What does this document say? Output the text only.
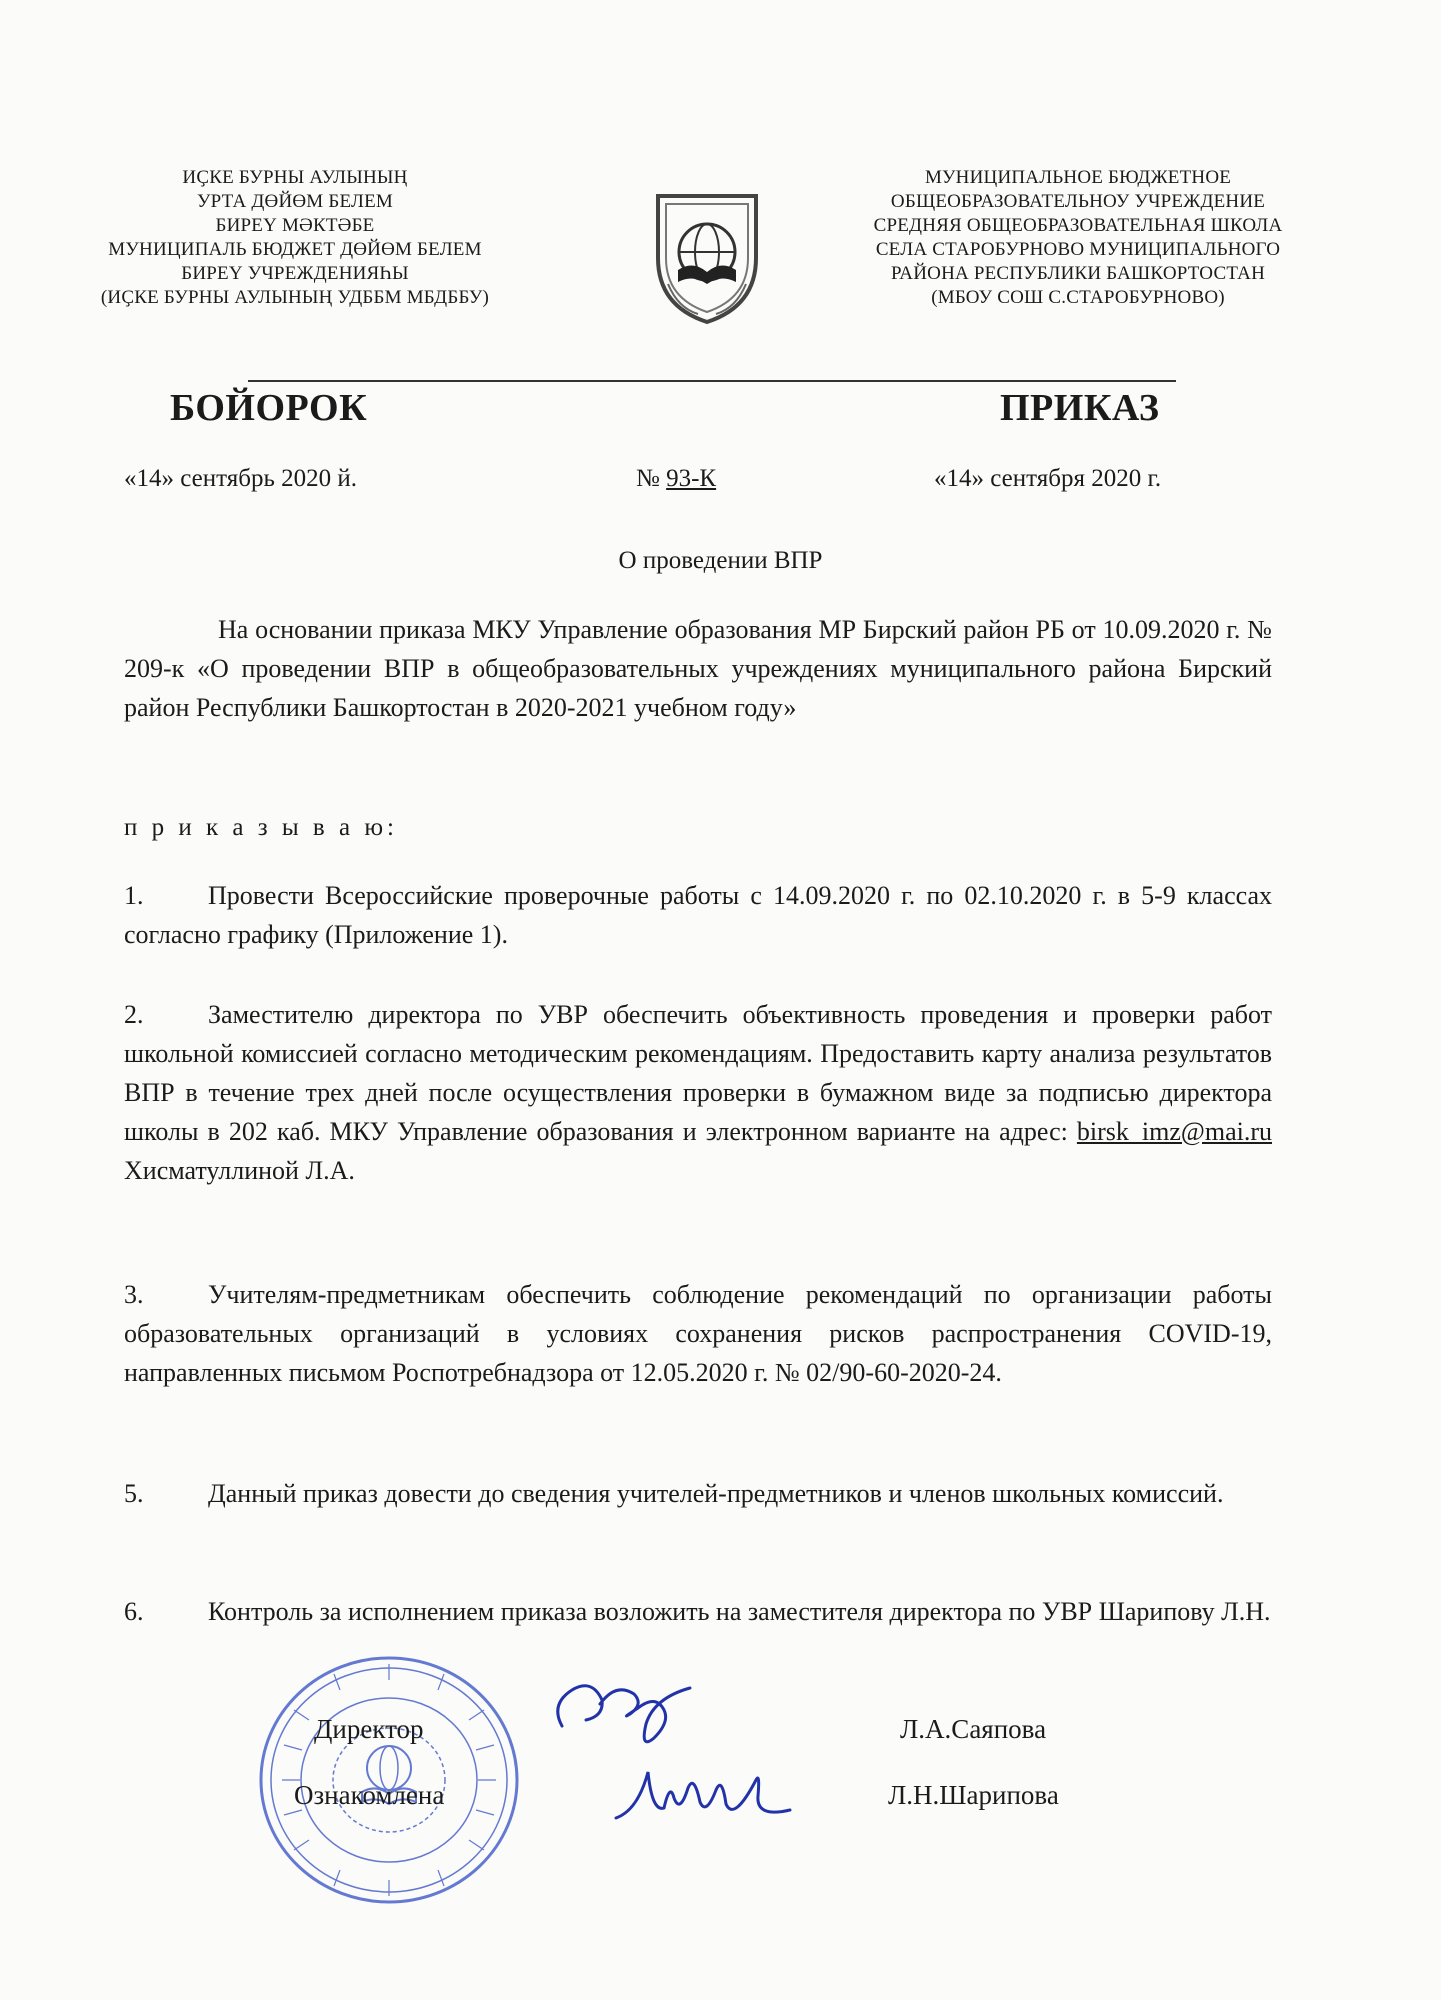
ИҪКЕ БУРНЫ АУЛЫНЫҢ
УРТА ДӨЙӨМ БЕЛЕМ
БИРЕҮ МӘКТӘБЕ
МУНИЦИПАЛЬ БЮДЖЕТ ДӨЙӨМ БЕЛЕМ
БИРЕҮ УЧРЕЖДЕНИЯҺЫ
(ИҪКЕ БУРНЫ АУЛЫНЫҢ УДББМ МБДББУ)
МУНИЦИПАЛЬНОЕ БЮДЖЕТНОЕ
ОБЩЕОБРАЗОВАТЕЛЬНОУ УЧРЕЖДЕНИЕ
СРЕДНЯЯ ОБЩЕОБРАЗОВАТЕЛЬНАЯ ШКОЛА
СЕЛА СТАРОБУРНОВО МУНИЦИПАЛЬНОГО
РАЙОНА РЕСПУБЛИКИ БАШКОРТОСТАН
(МБОУ СОШ С.СТАРОБУРНОВО)
БОЙОРОК	ПРИКАЗ
«14» сентябрь 2020 й.	№ 93-К	«14» сентября 2020 г.
О проведении ВПР
На основании приказа МКУ Управление образования МР Бирский район РБ от 10.09.2020 г. № 209-к «О проведении ВПР в общеобразовательных учреждениях муниципального района Бирский район Республики Башкортостан в 2020-2021 учебном году»
п р и к а з ы в а ю:
1. Провести Всероссийские проверочные работы с 14.09.2020 г. по 02.10.2020 г. в 5-9 классах согласно графику (Приложение 1).
2. Заместителю директора по УВР обеспечить объективность проведения и проверки работ школьной комиссией согласно методическим рекомендациям. Предоставить карту анализа результатов ВПР в течение трех дней после осуществления проверки в бумажном виде за подписью директора школы в 202 каб. МКУ Управление образования и электронном варианте на адрес: birsk_imz@mai.ru Хисматуллиной Л.А.
3. Учителям-предметникам обеспечить соблюдение рекомендаций по организации работы образовательных организаций в условиях сохранения рисков распространения COVID-19, направленных письмом Роспотребнадзора от 12.05.2020 г. № 02/90-60-2020-24.
5. Данный приказ довести до сведения учителей-предметников и членов школьных комиссий.
6. Контроль за исполнением приказа возложить на заместителя директора по УВР Шарипову Л.Н.
Директор
Ознакомлена
Л.А.Саяпова
Л.Н.Шарипова
